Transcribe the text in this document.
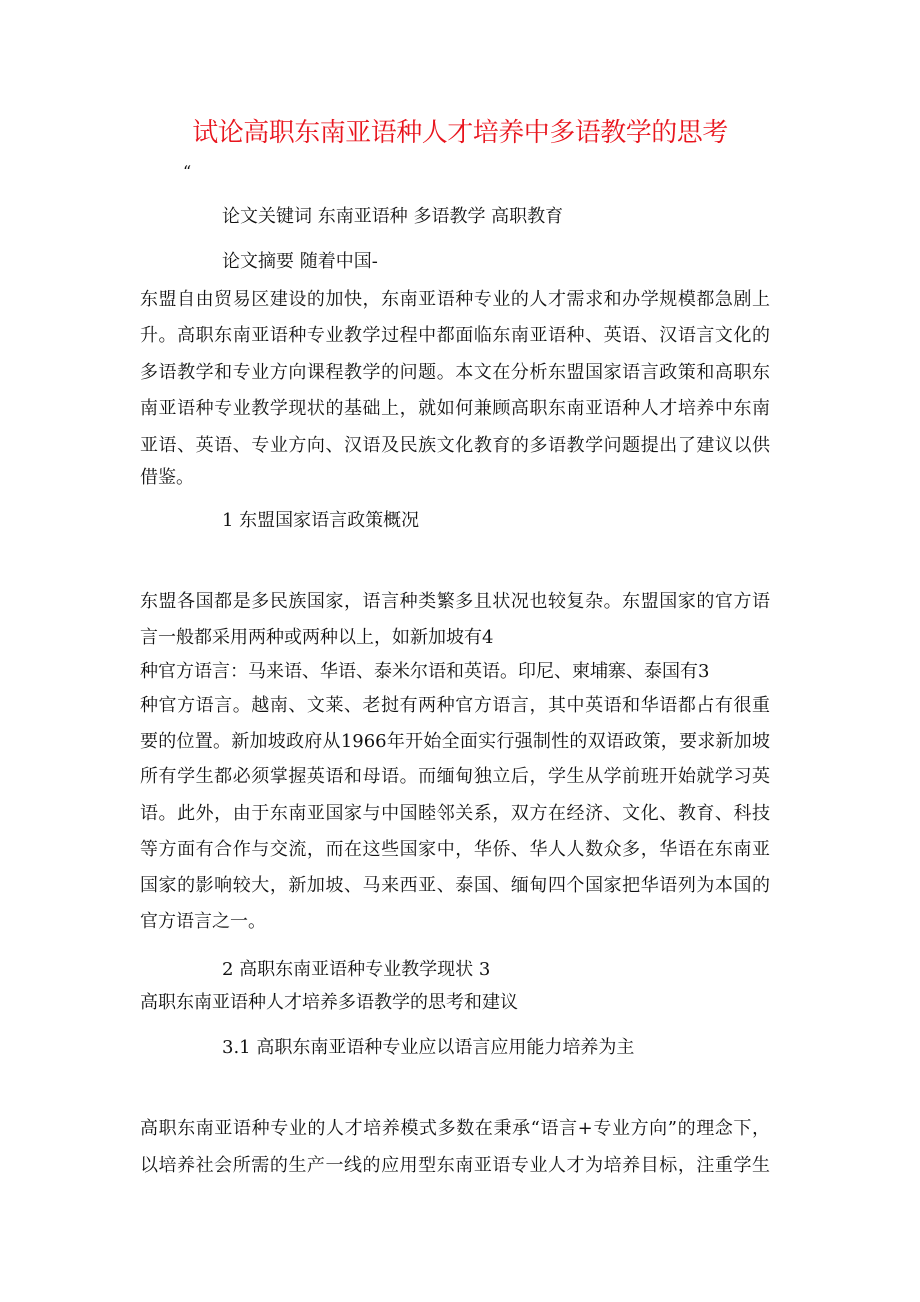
试论高职东南亚语种人才培养中多语教学的思考
“
论文关键词 东南亚语种 多语教学 高职教育
论文摘要 随着中国-
东盟自由贸易区建设的加快，东南亚语种专业的人才需求和办学规模都急剧上
升。高职东南亚语种专业教学过程中都面临东南亚语种、英语、汉语言文化的
多语教学和专业方向课程教学的问题。本文在分析东盟国家语言政策和高职东
南亚语种专业教学现状的基础上，就如何兼顾高职东南亚语种人才培养中东南
亚语、英语、专业方向、汉语及民族文化教育的多语教学问题提出了建议以供
借鉴。
1 东盟国家语言政策概况
东盟各国都是多民族国家，语言种类繁多且状况也较复杂。东盟国家的官方语
言一般都采用两种或两种以上，如新加坡有4
种官方语言：马来语、华语、泰米尔语和英语。印尼、柬埔寨、泰国有3
种官方语言。越南、文莱、老挝有两种官方语言，其中英语和华语都占有很重
要的位置。新加坡政府从1966年开始全面实行强制性的双语政策，要求新加坡
所有学生都必须掌握英语和母语。而缅甸独立后，学生从学前班开始就学习英
语。此外，由于东南亚国家与中国睦邻关系，双方在经济、文化、教育、科技
等方面有合作与交流，而在这些国家中，华侨、华人人数众多，华语在东南亚
国家的影响较大，新加坡、马来西亚、泰国、缅甸四个国家把华语列为本国的
官方语言之一。
2 高职东南亚语种专业教学现状 3
高职东南亚语种人才培养多语教学的思考和建议
3.1 高职东南亚语种专业应以语言应用能力培养为主
高职东南亚语种专业的人才培养模式多数在秉承“语言+专业方向”的理念下，
以培养社会所需的生产一线的应用型东南亚语专业人才为培养目标，注重学生
